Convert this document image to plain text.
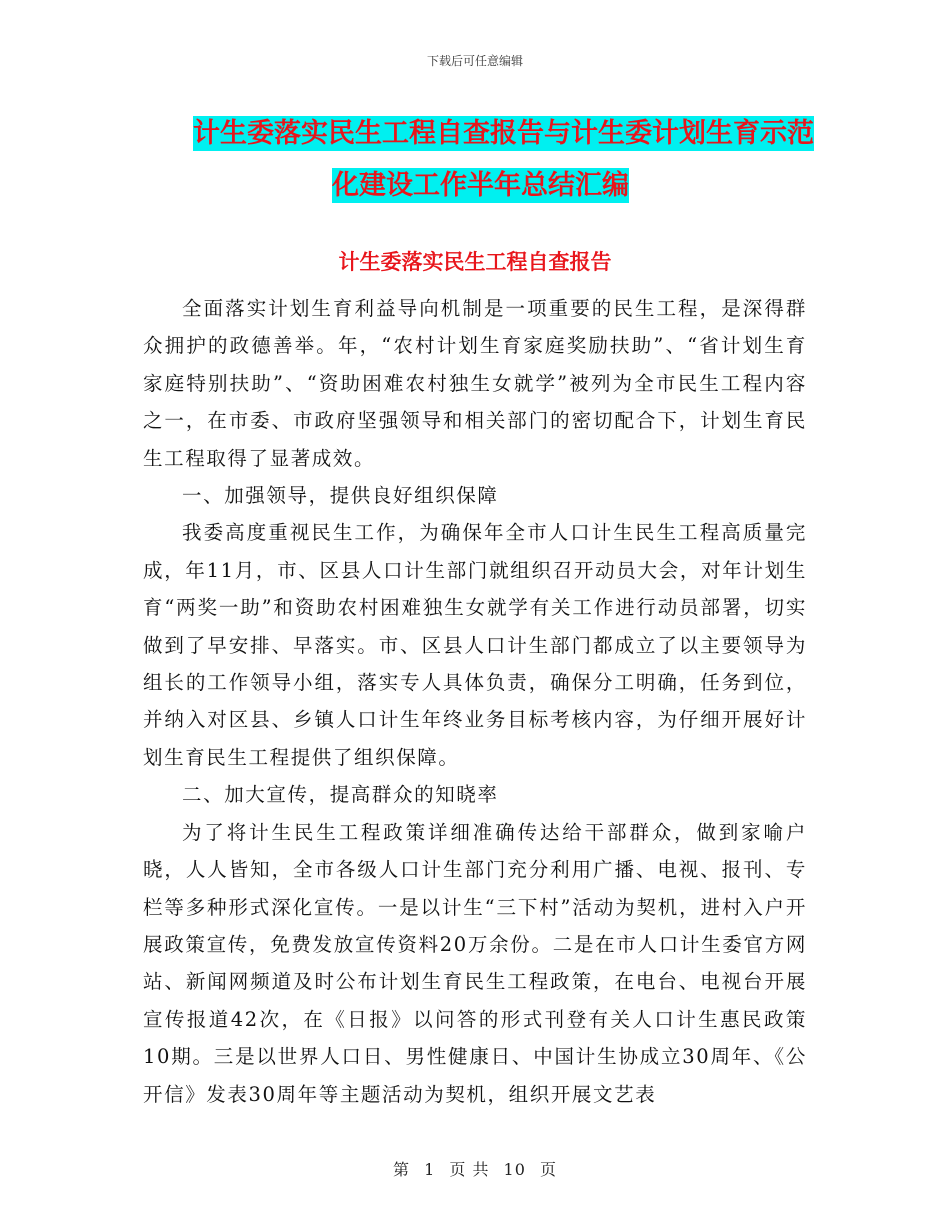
下载后可任意编辑
计生委落实民生工程自查报告与计生委计划生育示范
化建设工作半年总结汇编
计生委落实民生工程自查报告

全面落实计划生育利益导向机制是一项重要的民生工程，是深得群众拥护的政德善举。年，“农村计划生育家庭奖励扶助”、“省计划生育家庭特别扶助”、“资助困难农村独生女就学”被列为全市民生工程内容之一，在市委、市政府坚强领导和相关部门的密切配合下，计划生育民生工程取得了显著成效。

一、加强领导，提供良好组织保障

我委高度重视民生工作，为确保年全市人口计生民生工程高质量完成，年11月，市、区县人口计生部门就组织召开动员大会，对年计划生育“两奖一助”和资助农村困难独生女就学有关工作进行动员部署，切实做到了早安排、早落实。市、区县人口计生部门都成立了以主要领导为组长的工作领导小组，落实专人具体负责，确保分工明确，任务到位，并纳入对区县、乡镇人口计生年终业务目标考核内容，为仔细开展好计划生育民生工程提供了组织保障。

二、加大宣传，提高群众的知晓率

为了将计生民生工程政策详细准确传达给干部群众，做到家喻户晓，人人皆知，全市各级人口计生部门充分利用广播、电视、报刊、专栏等多种形式深化宣传。一是以计生“三下村”活动为契机，进村入户开展政策宣传，免费发放宣传资料20万余份。二是在市人口计生委官方网站、新闻网频道及时公布计划生育民生工程政策，在电台、电视台开展宣传报道42次，在《日报》以问答的形式刊登有关人口计生惠民政策10期。三是以世界人口日、男性健康日、中国计生协成立30周年、《公开信》发表30周年等主题活动为契机，组织开展文艺表

第 1 页 共 10 页
